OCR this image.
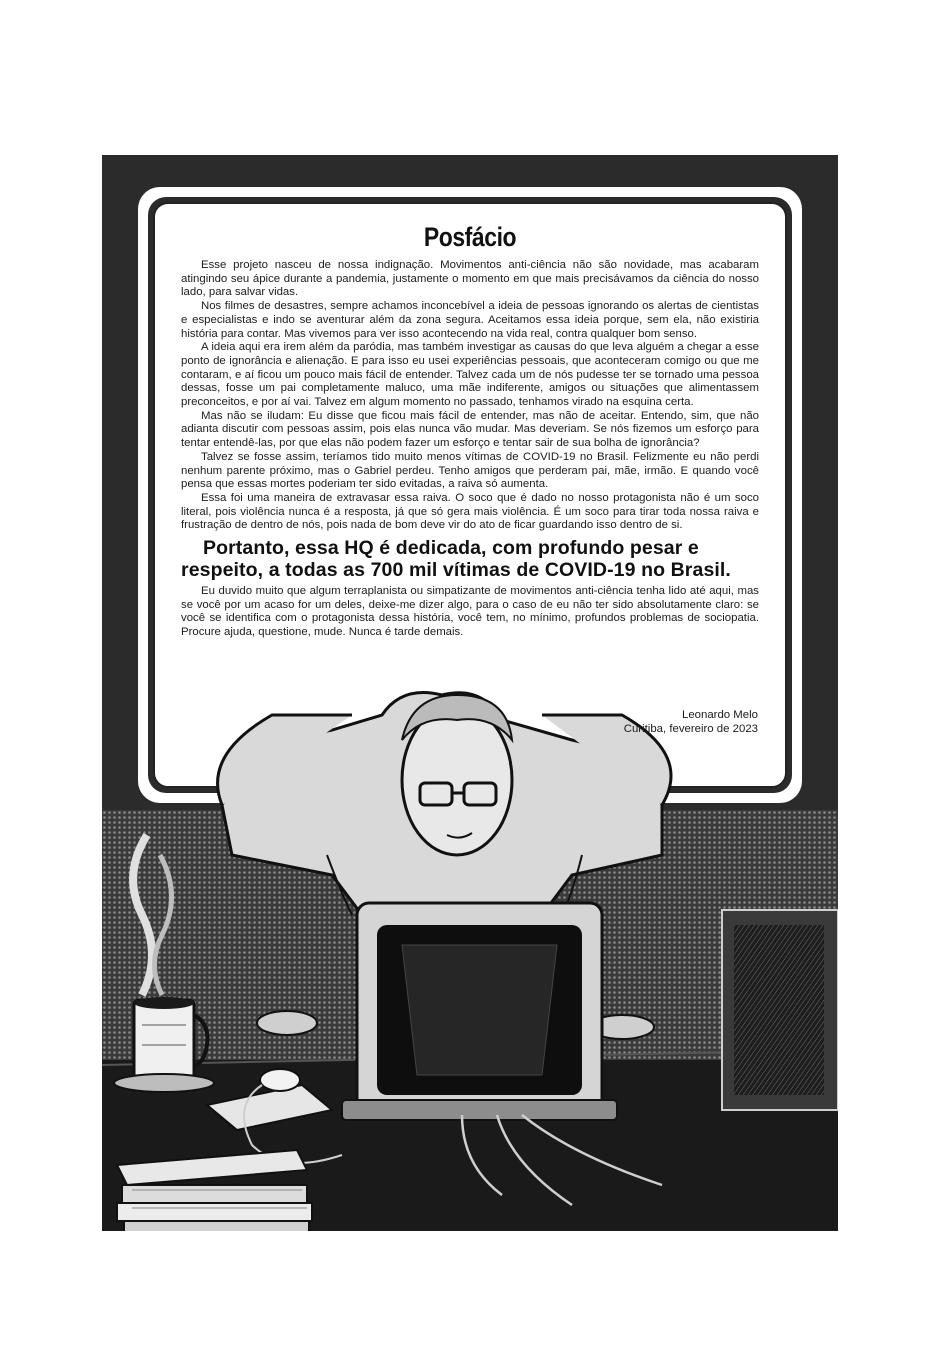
Posfácio

Esse projeto nasceu de nossa indignação. Movimentos anti-ciência não são novidade, mas acabaram atingindo seu ápice durante a pandemia, justamente o momento em que mais precisávamos da ciência do nosso lado, para salvar vidas.

Nos filmes de desastres, sempre achamos inconcebível a ideia de pessoas ignorando os alertas de cientistas e especialistas e indo se aventurar além da zona segura. Aceitamos essa ideia porque, sem ela, não existiria história para contar. Mas vivemos para ver isso acontecendo na vida real, contra qualquer bom senso.

A ideia aqui era irem além da paródia, mas também investigar as causas do que leva alguém a chegar a esse ponto de ignorância e alienação. E para isso eu usei experiências pessoais, que aconteceram comigo ou que me contaram, e aí ficou um pouco mais fácil de entender. Talvez cada um de nós pudesse ter se tornado uma pessoa dessas, fosse um pai completamente maluco, uma mãe indiferente, amigos ou situações que alimentassem preconceitos, e por aí vai. Talvez em algum momento no passado, tenhamos virado na esquina certa.

Mas não se iludam: Eu disse que ficou mais fácil de entender, mas não de aceitar. Entendo, sim, que não adianta discutir com pessoas assim, pois elas nunca vão mudar. Mas deveriam. Se nós fizemos um esforço para tentar entendê-las, por que elas não podem fazer um esforço e tentar sair de sua bolha de ignorância?

Talvez se fosse assim, teríamos tido muito menos vítimas de COVID-19 no Brasil. Felizmente eu não perdi nenhum parente próximo, mas o Gabriel perdeu. Tenho amigos que perderam pai, mãe, irmão. E quando você pensa que essas mortes poderiam ter sido evitadas, a raiva só aumenta.

Essa foi uma maneira de extravasar essa raiva. O soco que é dado no nosso protagonista não é um soco literal, pois violência nunca é a resposta, já que só gera mais violência. É um soco para tirar toda nossa raiva e frustração de dentro de nós, pois nada de bom deve vir do ato de ficar guardando isso dentro de si.

Portanto, essa HQ é dedicada, com profundo pesar e respeito, a todas as 700 mil vítimas de COVID-19 no Brasil.

Eu duvido muito que algum terraplanista ou simpatizante de movimentos anti-ciência tenha lido até aqui, mas se você por um acaso for um deles, deixe-me dizer algo, para o caso de eu não ter sido absolutamente claro: se você se identifica com o protagonista dessa história, você tem, no mínimo, profundos problemas de sociopatia. Procure ajuda, questione, mude. Nunca é tarde demais.

Leonardo Melo
Curitiba, fevereiro de 2023
